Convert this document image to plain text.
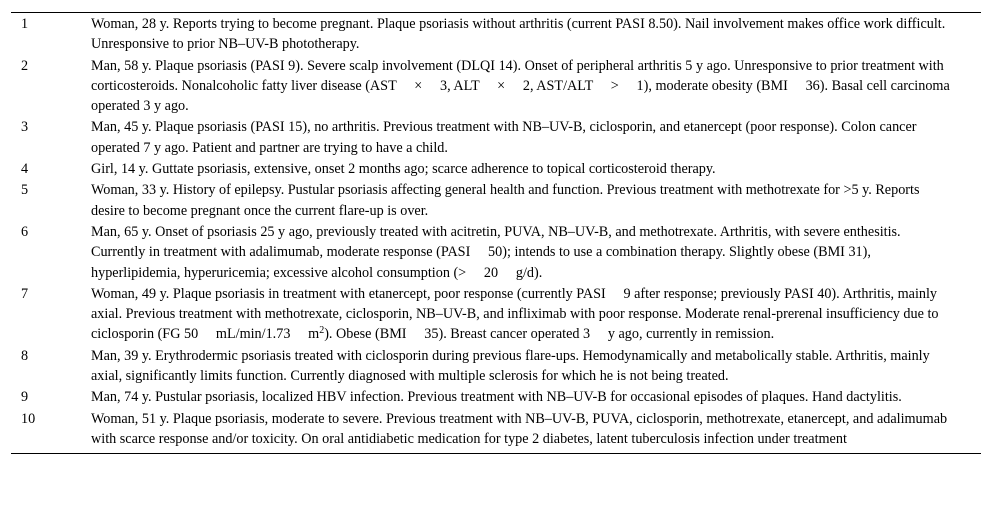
1	Woman, 28 y. Reports trying to become pregnant. Plaque psoriasis without arthritis (current PASI 8.50). Nail involvement makes office work difficult. Unresponsive to prior NB–UV-B phototherapy.
2	Man, 58 y. Plaque psoriasis (PASI 9). Severe scalp involvement (DLQI 14). Onset of peripheral arthritis 5 y ago. Unresponsive to prior treatment with corticosteroids. Nonalcoholic fatty liver disease (AST × 3, ALT × 2, AST/ALT > 1), moderate obesity (BMI 36). Basal cell carcinoma operated 3 y ago.
3	Man, 45 y. Plaque psoriasis (PASI 15), no arthritis. Previous treatment with NB–UV-B, ciclosporin, and etanercept (poor response). Colon cancer operated 7 y ago. Patient and partner are trying to have a child.
4	Girl, 14 y. Guttate psoriasis, extensive, onset 2 months ago; scarce adherence to topical corticosteroid therapy.
5	Woman, 33 y. History of epilepsy. Pustular psoriasis affecting general health and function. Previous treatment with methotrexate for >5 y. Reports desire to become pregnant once the current flare-up is over.
6	Man, 65 y. Onset of psoriasis 25 y ago, previously treated with acitretin, PUVA, NB–UV-B, and methotrexate. Arthritis, with severe enthesitis. Currently in treatment with adalimumab, moderate response (PASI 50); intends to use a combination therapy. Slightly obese (BMI 31), hyperlipidemia, hyperuricemia; excessive alcohol consumption (> 20 g/d).
7	Woman, 49 y. Plaque psoriasis in treatment with etanercept, poor response (currently PASI 9 after response; previously PASI 40). Arthritis, mainly axial. Previous treatment with methotrexate, ciclosporin, NB–UV-B, and infliximab with poor response. Moderate renal-prerenal insufficiency due to ciclosporin (FG 50 mL/min/1.73 $m^2$). Obese (BMI 35). Breast cancer operated 3 y ago, currently in remission.
8	Man, 39 y. Erythrodermic psoriasis treated with ciclosporin during previous flare-ups. Hemodynamically and metabolically stable. Arthritis, mainly axial, significantly limits function. Currently diagnosed with multiple sclerosis for which he is not being treated.
9	Man, 74 y. Pustular psoriasis, localized HBV infection. Previous treatment with NB–UV-B for occasional episodes of plaques. Hand dactylitis.
10	Woman, 51 y. Plaque psoriasis, moderate to severe. Previous treatment with NB–UV-B, PUVA, ciclosporin, methotrexate, etanercept, and adalimumab with scarce response and/or toxicity. On oral antidiabetic medication for type 2 diabetes, latent tuberculosis infection under treatment
